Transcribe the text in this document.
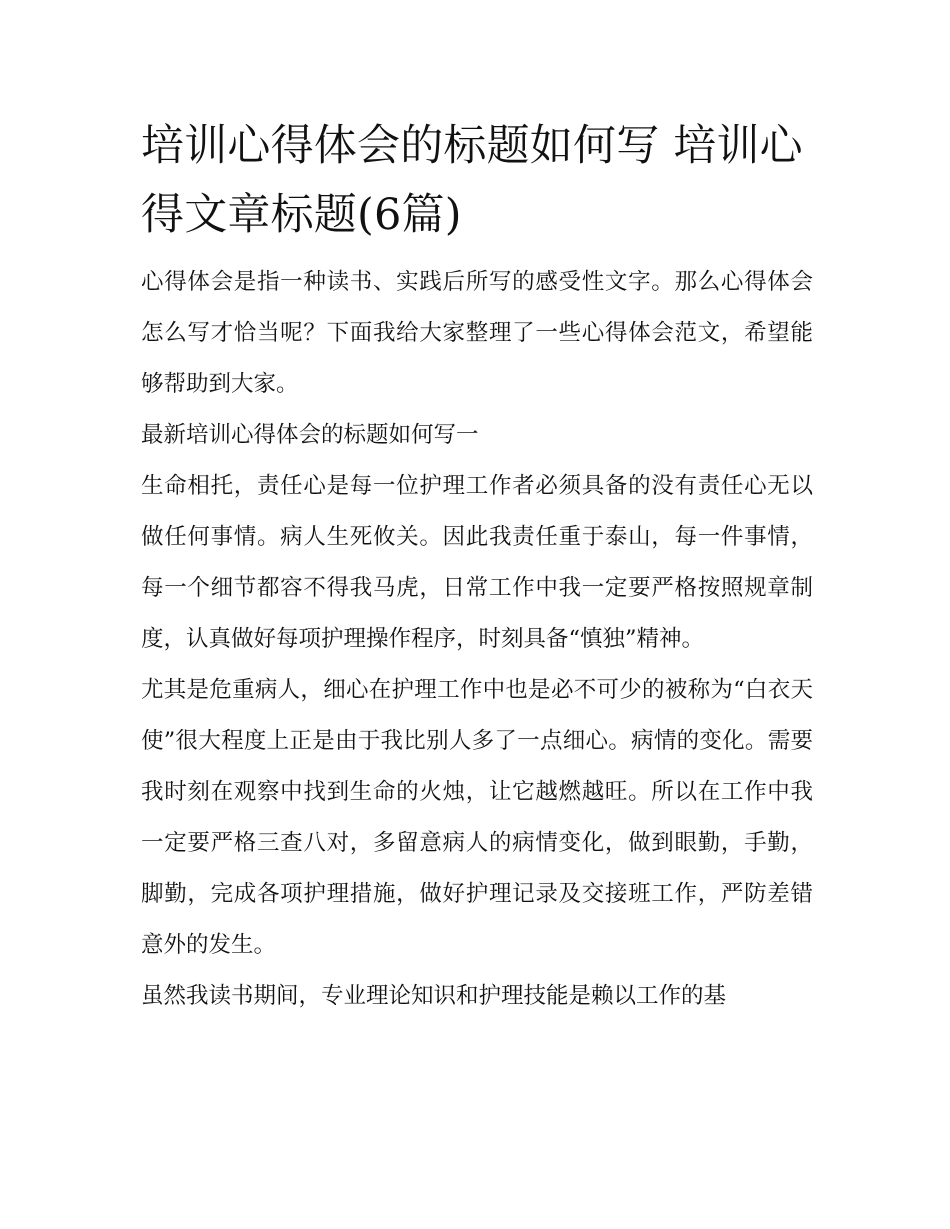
培训心得体会的标题如何写 培训心得文章标题(6篇)

心得体会是指一种读书、实践后所写的感受性文字。那么心得体会怎么写才恰当呢？下面我给大家整理了一些心得体会范文，希望能够帮助到大家。

最新培训心得体会的标题如何写一

生命相托，责任心是每一位护理工作者必须具备的没有责任心无以做任何事情。病人生死攸关。因此我责任重于泰山，每一件事情，每一个细节都容不得我马虎，日常工作中我一定要严格按照规章制度，认真做好每项护理操作程序，时刻具备“慎独”精神。

尤其是危重病人，细心在护理工作中也是必不可少的被称为“白衣天使”很大程度上正是由于我比别人多了一点细心。病情的变化。需要我时刻在观察中找到生命的火烛，让它越燃越旺。所以在工作中我一定要严格三查八对，多留意病人的病情变化，做到眼勤，手勤，脚勤，完成各项护理措施，做好护理记录及交接班工作，严防差错意外的发生。

虽然我读书期间，专业理论知识和护理技能是赖以工作的基
